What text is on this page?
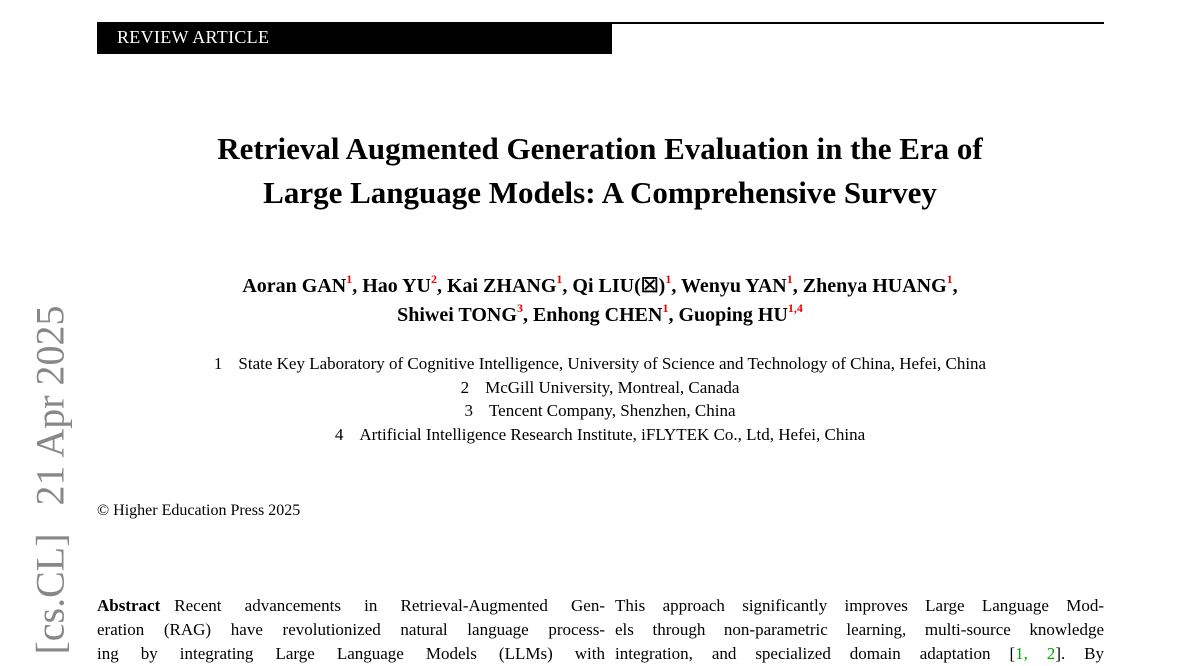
REVIEW ARTICLE
Retrieval Augmented Generation Evaluation in the Era of
Large Language Models: A Comprehensive Survey
Aoran GAN$^1$, Hao $YU^2$, Kai ZHANG$^1$, Qi LIU(☒)$^1$, Wenyu YAN$^1$, Zhenya HUANG$^1$,
Shiwei TONG$^3$, Enhong CHEN$^1$, Guoping HU$^{1,4}$
1 State Key Laboratory of Cognitive Intelligence, University of Science and Technology of China, Hefei, China
2 McGill University, Montreal, Canada
3 Tencent Company, Shenzhen, China
4 Artificial Intelligence Research Institute, iFLYTEK Co., Ltd, Hefei, China
© Higher Education Press 2025
Abstract Recent advancements in Retrieval-Augmented Gen-
eration (RAG) have revolutionized natural language process-
ing by integrating Large Language Models (LLMs) with
This approach significantly improves Large Language Mod-
els through non-parametric learning, multi-source knowledge
integration, and specialized domain adaptation [1, 2]. By
[cs.CL]21 Apr 2025
